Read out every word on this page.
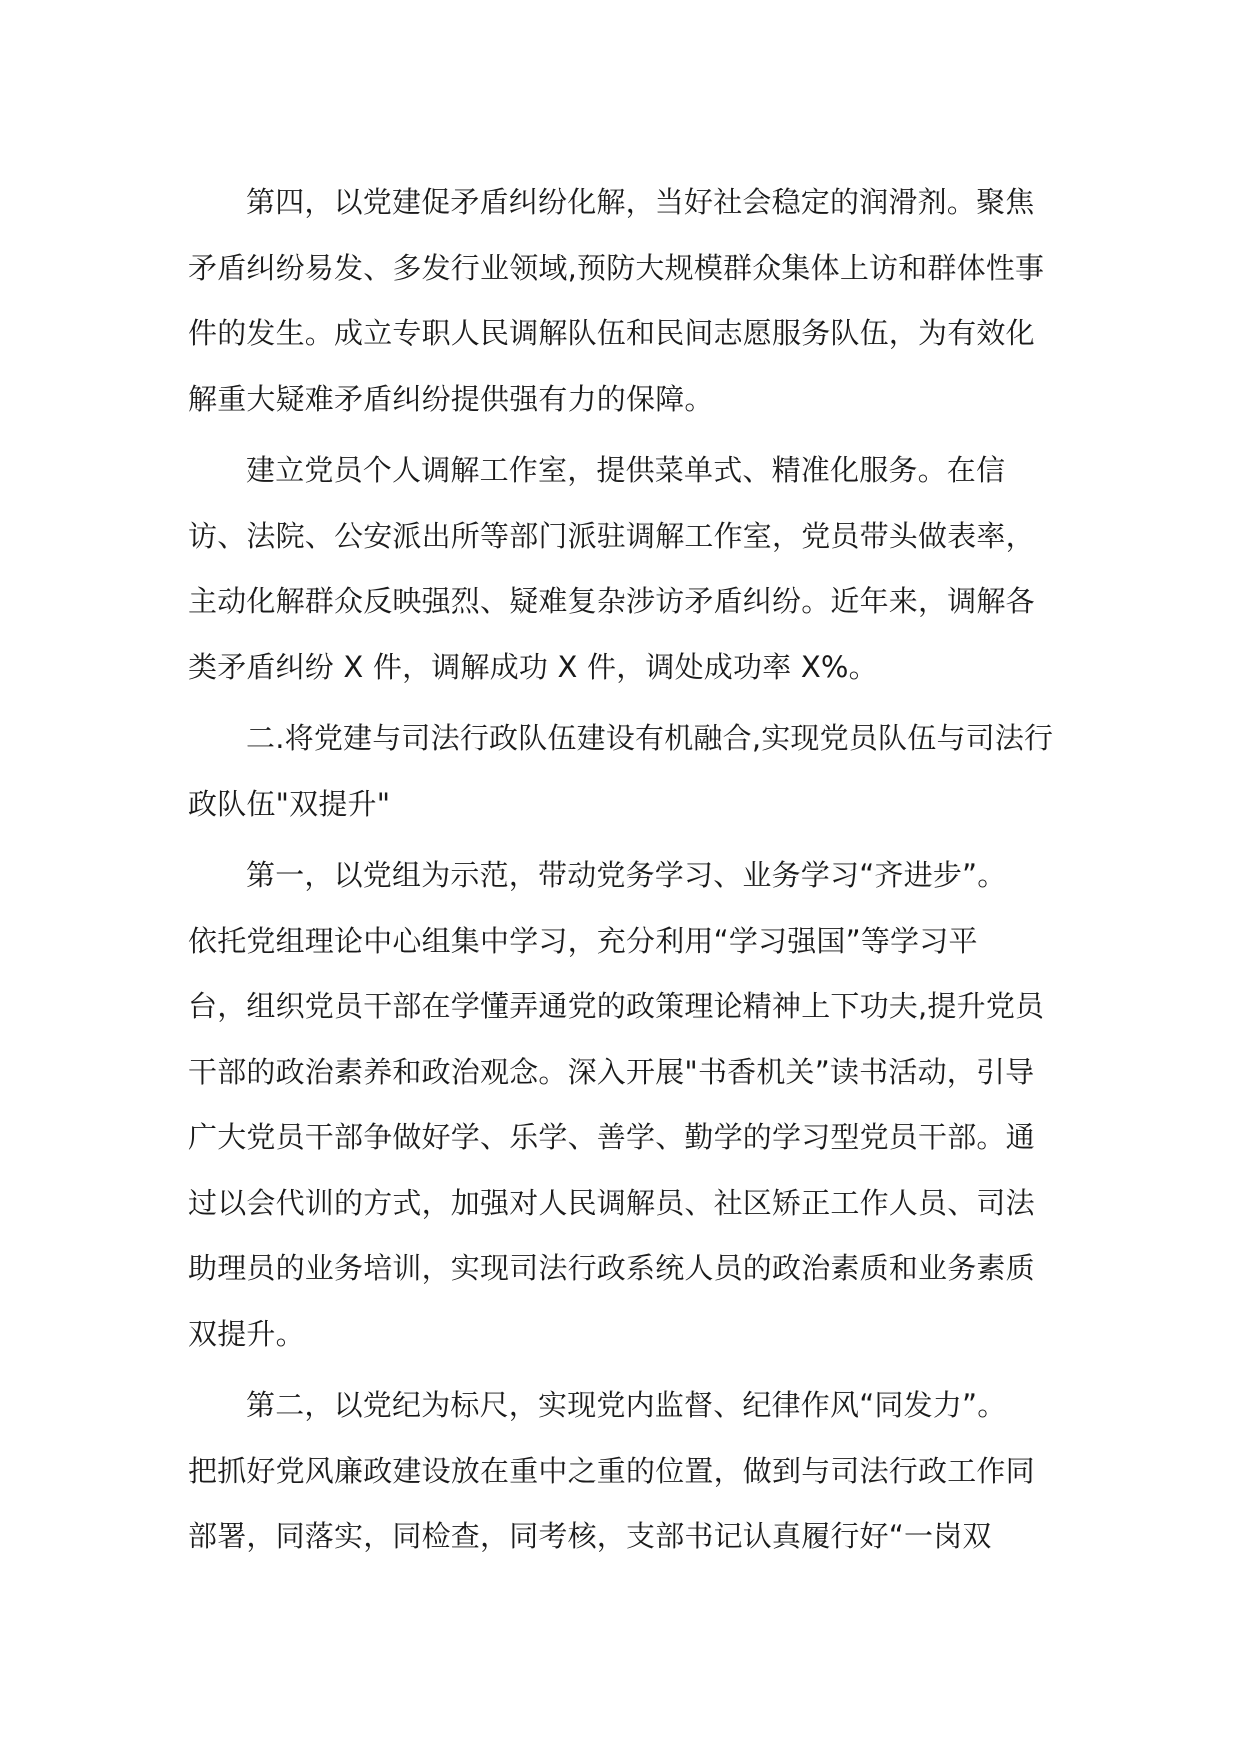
第四，以党建促矛盾纠纷化解，当好社会稳定的润滑剂。聚焦
矛盾纠纷易发、多发行业领域,预防大规模群众集体上访和群体性事
件的发生。成立专职人民调解队伍和民间志愿服务队伍，为有效化
解重大疑难矛盾纠纷提供强有力的保障。

建立党员个人调解工作室，提供菜单式、精准化服务。在信
访、法院、公安派出所等部门派驻调解工作室，党员带头做表率，
主动化解群众反映强烈、疑难复杂涉访矛盾纠纷。近年来，调解各
类矛盾纠纷 X 件，调解成功 X 件，调处成功率 X%。

二.将党建与司法行政队伍建设有机融合,实现党员队伍与司法行
政队伍"双提升"

第一，以党组为示范，带动党务学习、业务学习“齐进步”。
依托党组理论中心组集中学习，充分利用“学习强国”等学习平
台，组织党员干部在学懂弄通党的政策理论精神上下功夫,提升党员
干部的政治素养和政治观念。深入开展"书香机关”读书活动，引导
广大党员干部争做好学、乐学、善学、勤学的学习型党员干部。通
过以会代训的方式，加强对人民调解员、社区矫正工作人员、司法
助理员的业务培训，实现司法行政系统人员的政治素质和业务素质
双提升。

第二，以党纪为标尺，实现党内监督、纪律作风“同发力”。
把抓好党风廉政建设放在重中之重的位置，做到与司法行政工作同
部署，同落实，同检查，同考核，支部书记认真履行好“一岗双
